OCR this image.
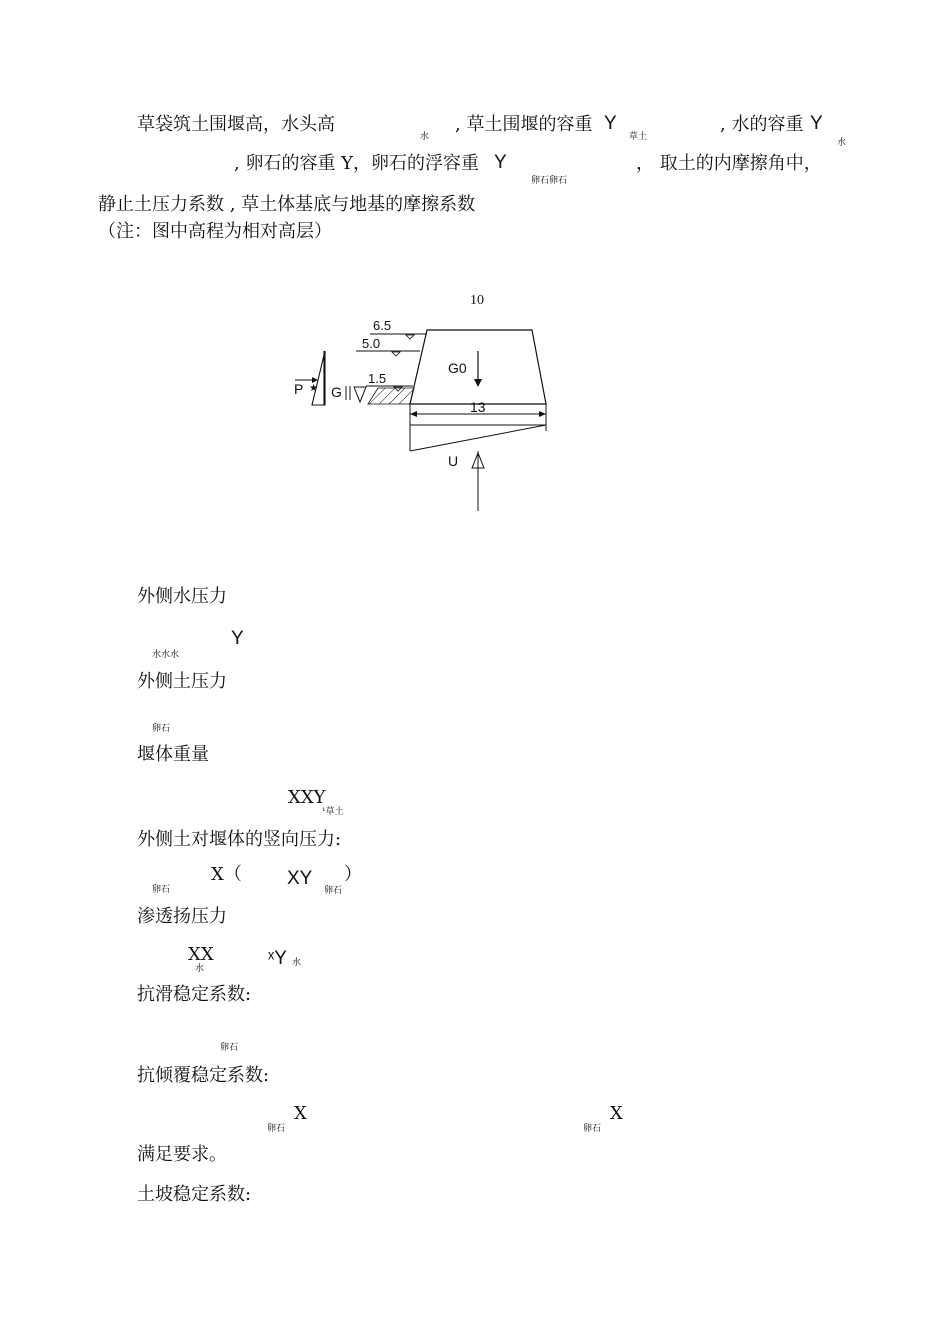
草袋筑土围堰高，水头高
水
, 草土围堰的容重 Y
草土
, 水的容重 Y
水
, 卵石的容重 Y，卵石的浮容重 Y
卵石卵石
， 取土的内摩擦角中，
静止土压力系数 , 草土体基底与地基的摩擦系数
（注：图中高程为相对高层）
10
6.5
5.0
1.5
G0
P ★ G
13
U
外侧水压力
水水水
Y
外侧土压力
卵石
堰体重量
XXY
¹草土
外侧土对堰体的竖向压力:
卵石
X（ XY
卵石
）
渗透扬压力
XX
水	ˣY 水
抗滑稳定系数:
卵石
抗倾覆稳定系数:
卵石
X
卵石
X
满足要求。
土坡稳定系数:
